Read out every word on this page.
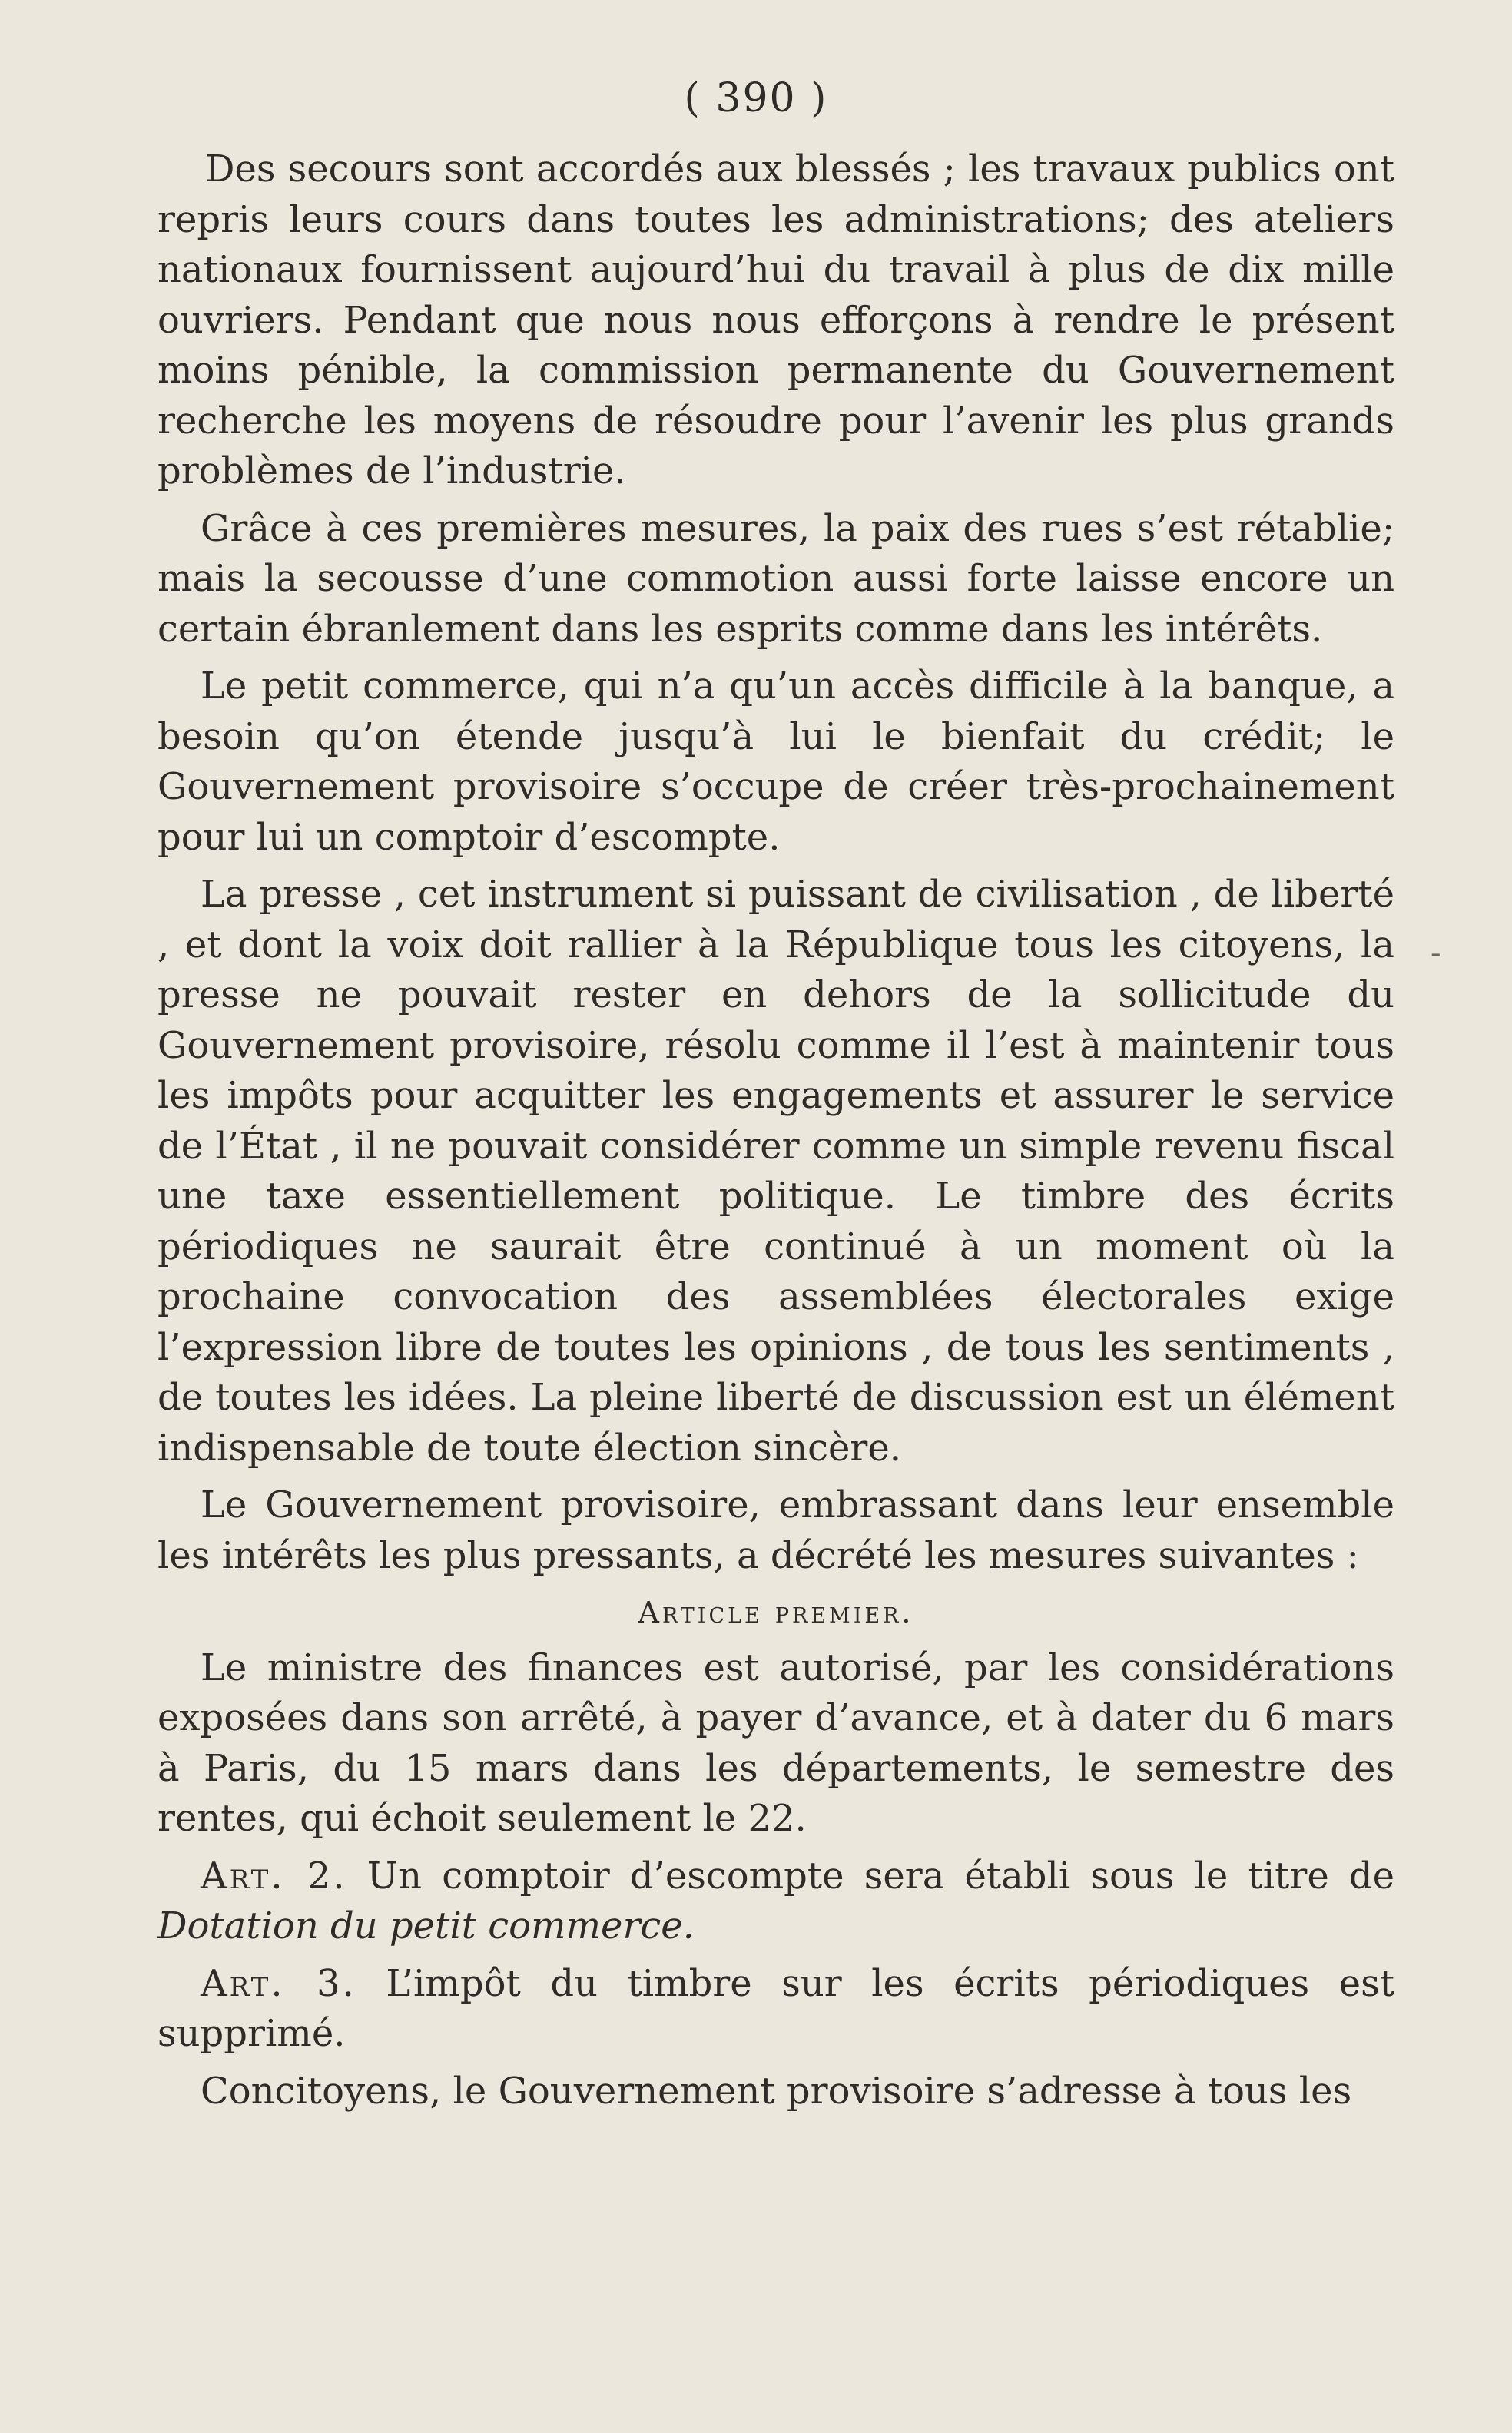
( 390 )
-

Des secours sont accordés aux blessés ; les travaux publics ont repris leurs cours dans toutes les administrations; des ateliers nationaux fournissent aujourd’hui du travail à plus de dix mille ouvriers. Pendant que nous nous efforçons à rendre le présent moins pénible, la commission permanente du Gouvernement recherche les moyens de résoudre pour l’avenir les plus grands problèmes de l’industrie.

Grâce à ces premières mesures, la paix des rues s’est rétablie; mais la secousse d’une commotion aussi forte laisse encore un certain ébranlement dans les esprits comme dans les intérêts.

Le petit commerce, qui n’a qu’un accès difficile à la banque, a besoin qu’on étende jusqu’à lui le bienfait du crédit; le Gouvernement provisoire s’occupe de créer très-prochainement pour lui un comptoir d’escompte.

La presse , cet instrument si puissant de civilisation , de liberté , et dont la voix doit rallier à la République tous les citoyens, la presse ne pouvait rester en dehors de la sollicitude du Gouvernement provisoire, résolu comme il l’est à maintenir tous les impôts pour acquitter les engagements et assurer le service de l’État , il ne pouvait considérer comme un simple revenu fiscal une taxe essentiellement politique. Le timbre des écrits périodiques ne saurait être continué à un moment où la prochaine convocation des assemblées électorales exige l’expression libre de toutes les opinions , de tous les sentiments , de toutes les idées. La pleine liberté de discussion est un élément indispensable de toute élection sincère.

Le Gouvernement provisoire, embrassant dans leur ensemble les intérêts les plus pressants, a décrété les mesures suivantes :

Article premier.

Le ministre des finances est autorisé, par les considérations exposées dans son arrêté, à payer d’avance, et à dater du 6 mars à Paris, du 15 mars dans les départements, le semestre des rentes, qui échoit seulement le 22.

Art. 2. Un comptoir d’escompte sera établi sous le titre de Dotation du petit commerce.

Art. 3. L’impôt du timbre sur les écrits périodiques est supprimé.

Concitoyens, le Gouvernement provisoire s’adresse à tous les
